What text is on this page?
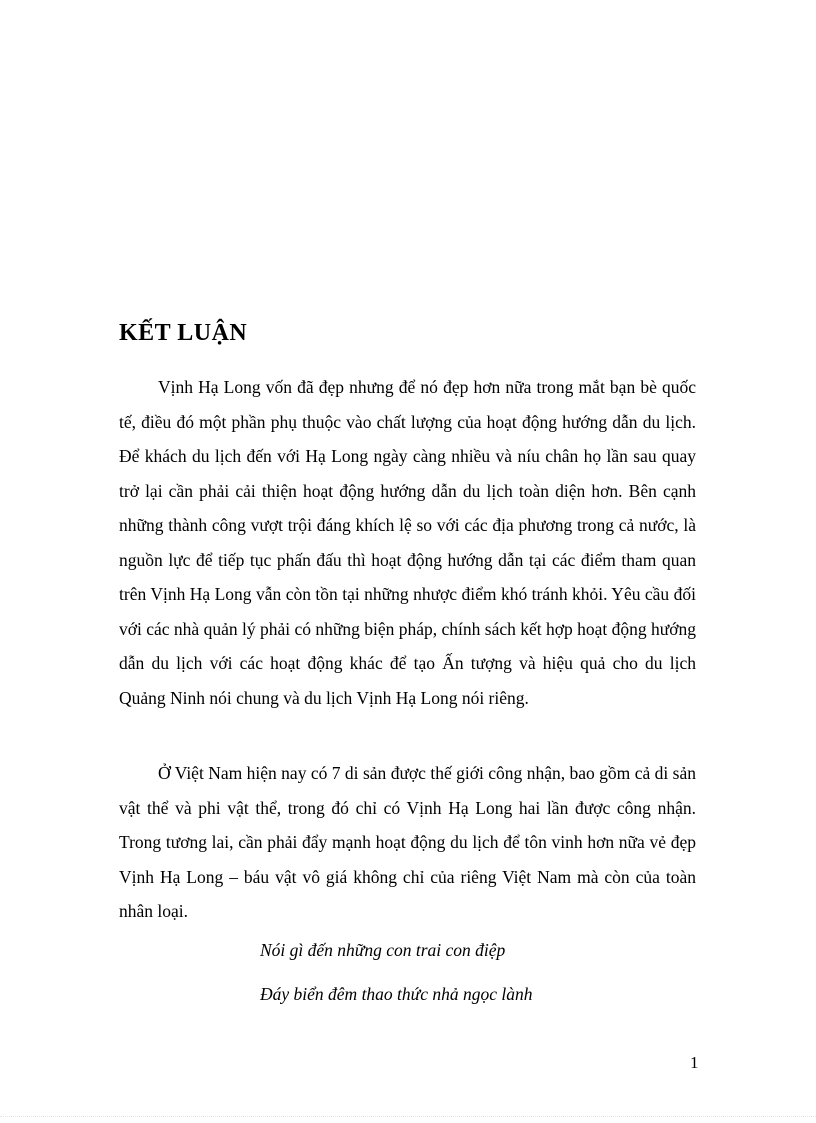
KẾT LUẬN

Vịnh Hạ Long vốn đã đẹp nhưng để nó đẹp hơn nữa trong mắt bạn bè quốc tế, điều đó một phần phụ thuộc vào chất lượng của hoạt động hướng dẫn du lịch. Để khách du lịch đến với Hạ Long ngày càng nhiều và níu chân họ lần sau quay trở lại cần phải cải thiện hoạt động hướng dẫn du lịch toàn diện hơn. Bên cạnh những thành công vượt trội đáng khích lệ so với các địa phương trong cả nước, là nguồn lực để tiếp tục phấn đấu thì hoạt động hướng dẫn tại các điểm tham quan trên Vịnh Hạ Long vẫn còn tồn tại những nhược điểm khó tránh khỏi. Yêu cầu đối với các nhà quản lý phải có những biện pháp, chính sách kết hợp hoạt động hướng dẫn du lịch với các hoạt động khác để tạo Ấn tượng và hiệu quả cho du lịch Quảng Ninh nói chung và du lịch Vịnh Hạ Long nói riêng.

Ở Việt Nam hiện nay có 7 di sản được thế giới công nhận, bao gồm cả di sản vật thể và phi vật thể, trong đó chỉ có Vịnh Hạ Long hai lần được công nhận. Trong tương lai, cần phải đẩy mạnh hoạt động du lịch để tôn vinh hơn nữa vẻ đẹp Vịnh Hạ Long – báu vật vô giá không chỉ của riêng Việt Nam mà còn của toàn nhân loại.

Nói gì đến những con trai con điệp

Đáy biển đêm thao thức nhả ngọc lành

1
